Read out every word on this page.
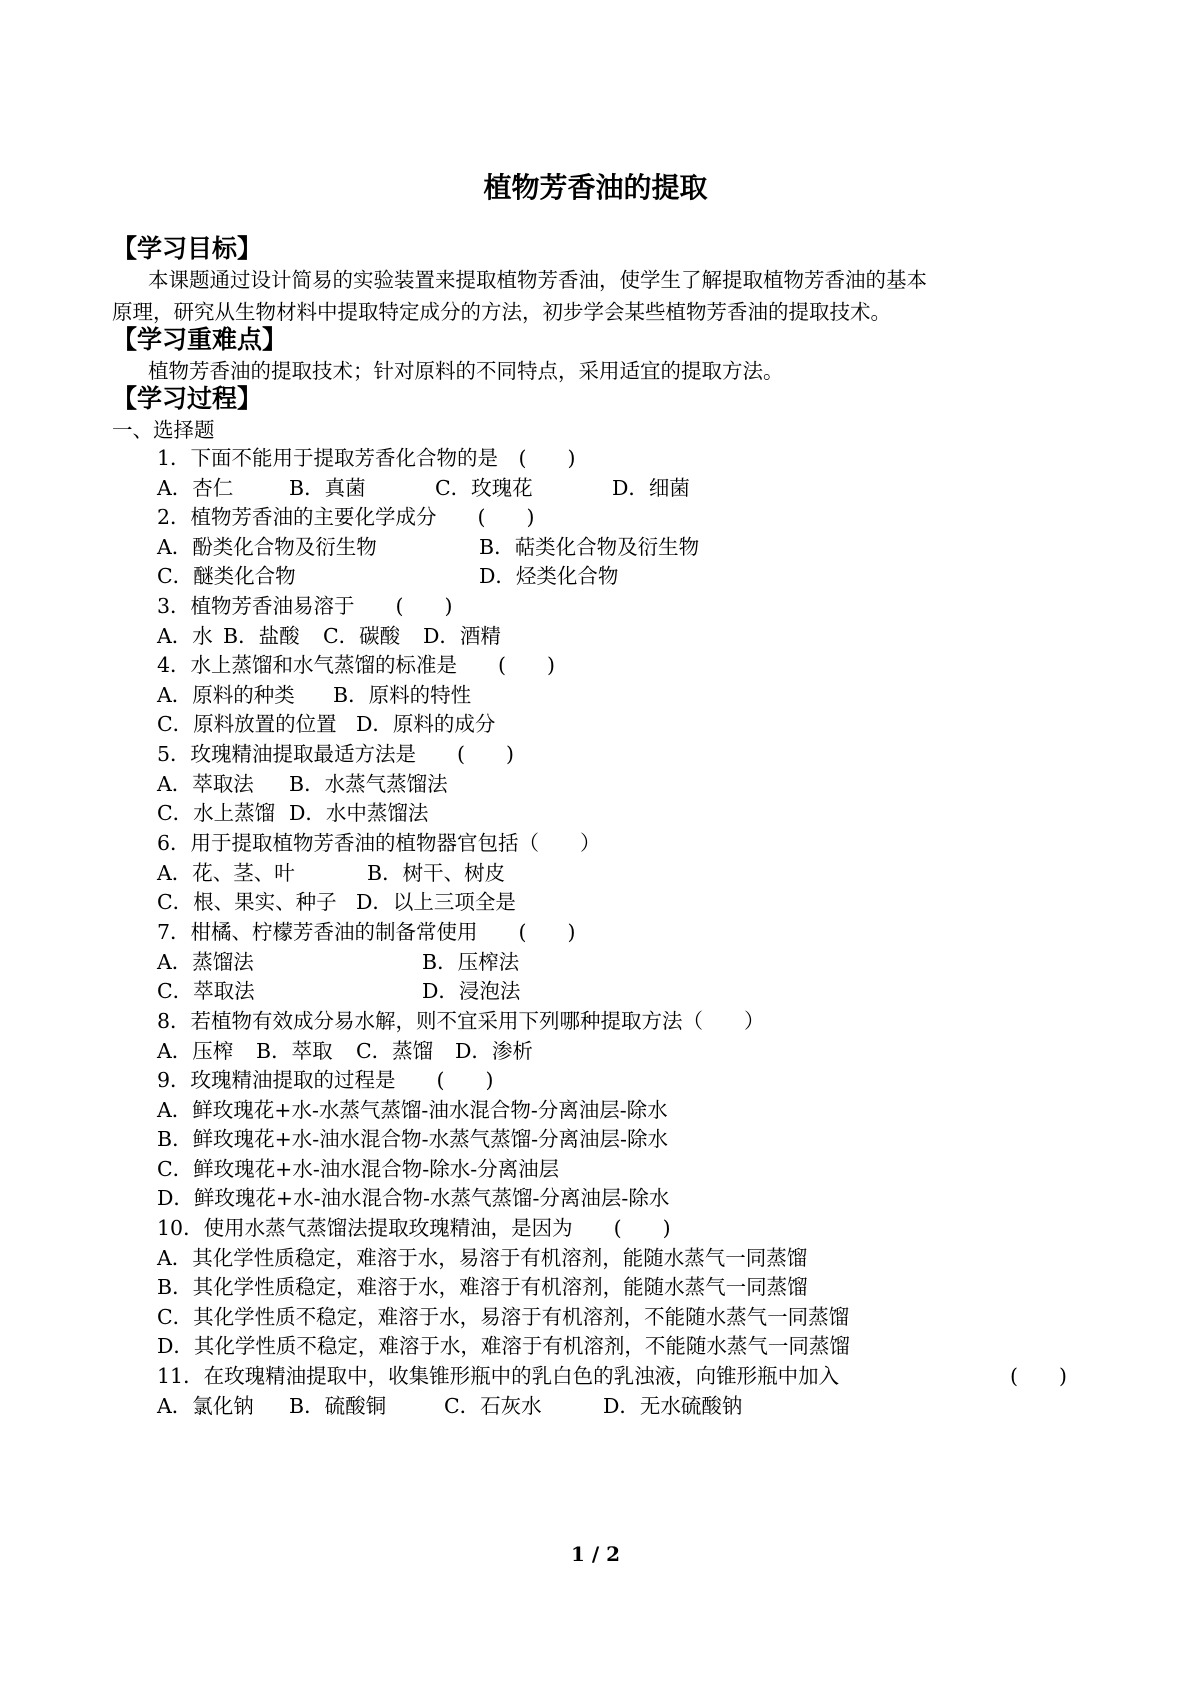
植物芳香油的提取
【学习目标】
本课题通过设计简易的实验装置来提取植物芳香油，使学生了解提取植物芳香油的基本
原理，研究从生物材料中提取特定成分的方法，初步学会某些植物芳香油的提取技术。
【学习重难点】
植物芳香油的提取技术；针对原料的不同特点，采用适宜的提取方法。
【学习过程】
一、选择题
1．下面不能用于提取芳香化合物的是　(　　)

A．杏仁

	B．真菌

	C．玫瑰花

	D．细菌

2．植物芳香油的主要化学成分　　(　　)

A．酚类化合物及衍生物

	B．萜类化合物及衍生物

C．醚类化合物

	D．烃类化合物

3．植物芳香油易溶于　　(　　)

A．水

B．盐酸

C．碳酸

D．酒精

4．水上蒸馏和水气蒸馏的标准是　　(　　)

A．原料的种类

B．原料的特性

C．原料放置的位置

D．原料的成分

5．玫瑰精油提取最适方法是　　(　　)

A．萃取法

B．水蒸气蒸馏法

C．水上蒸馏

D．水中蒸馏法

6．用于提取植物芳香油的植物器官包括（　　）

A．花、茎、叶

	B．树干、树皮

C．根、果实、种子

D．以上三项全是

7．柑橘、柠檬芳香油的制备常使用　　(　　)

A．蒸馏法

	B．压榨法

C．萃取法

	D．浸泡法

8．若植物有效成分易水解，则不宜采用下列哪种提取方法（　　）

A．压榨

B．萃取

C．蒸馏

D．渗析

9．玫瑰精油提取的过程是　　(　　)
A．鲜玫瑰花+水-水蒸气蒸馏-油水混合物-分离油层-除水
B．鲜玫瑰花+水-油水混合物-水蒸气蒸馏-分离油层-除水
C．鲜玫瑰花+水-油水混合物-除水-分离油层
D．鲜玫瑰花+水-油水混合物-水蒸气蒸馏-分离油层-除水
10．使用水蒸气蒸馏法提取玫瑰精油，是因为　　(　　)
A．其化学性质稳定，难溶于水，易溶于有机溶剂，能随水蒸气一同蒸馏
B．其化学性质稳定，难溶于水，难溶于有机溶剂，能随水蒸气一同蒸馏
C．其化学性质不稳定，难溶于水，易溶于有机溶剂，不能随水蒸气一同蒸馏
D．其化学性质不稳定，难溶于水，难溶于有机溶剂，不能随水蒸气一同蒸馏
11．在玫瑰精油提取中，收集锥形瓶中的乳白色的乳浊液，向锥形瓶中加入	(　　)

A．氯化钠

B．硫酸铜

	C．石灰水

	D．无水硫酸钠

1 / 2
